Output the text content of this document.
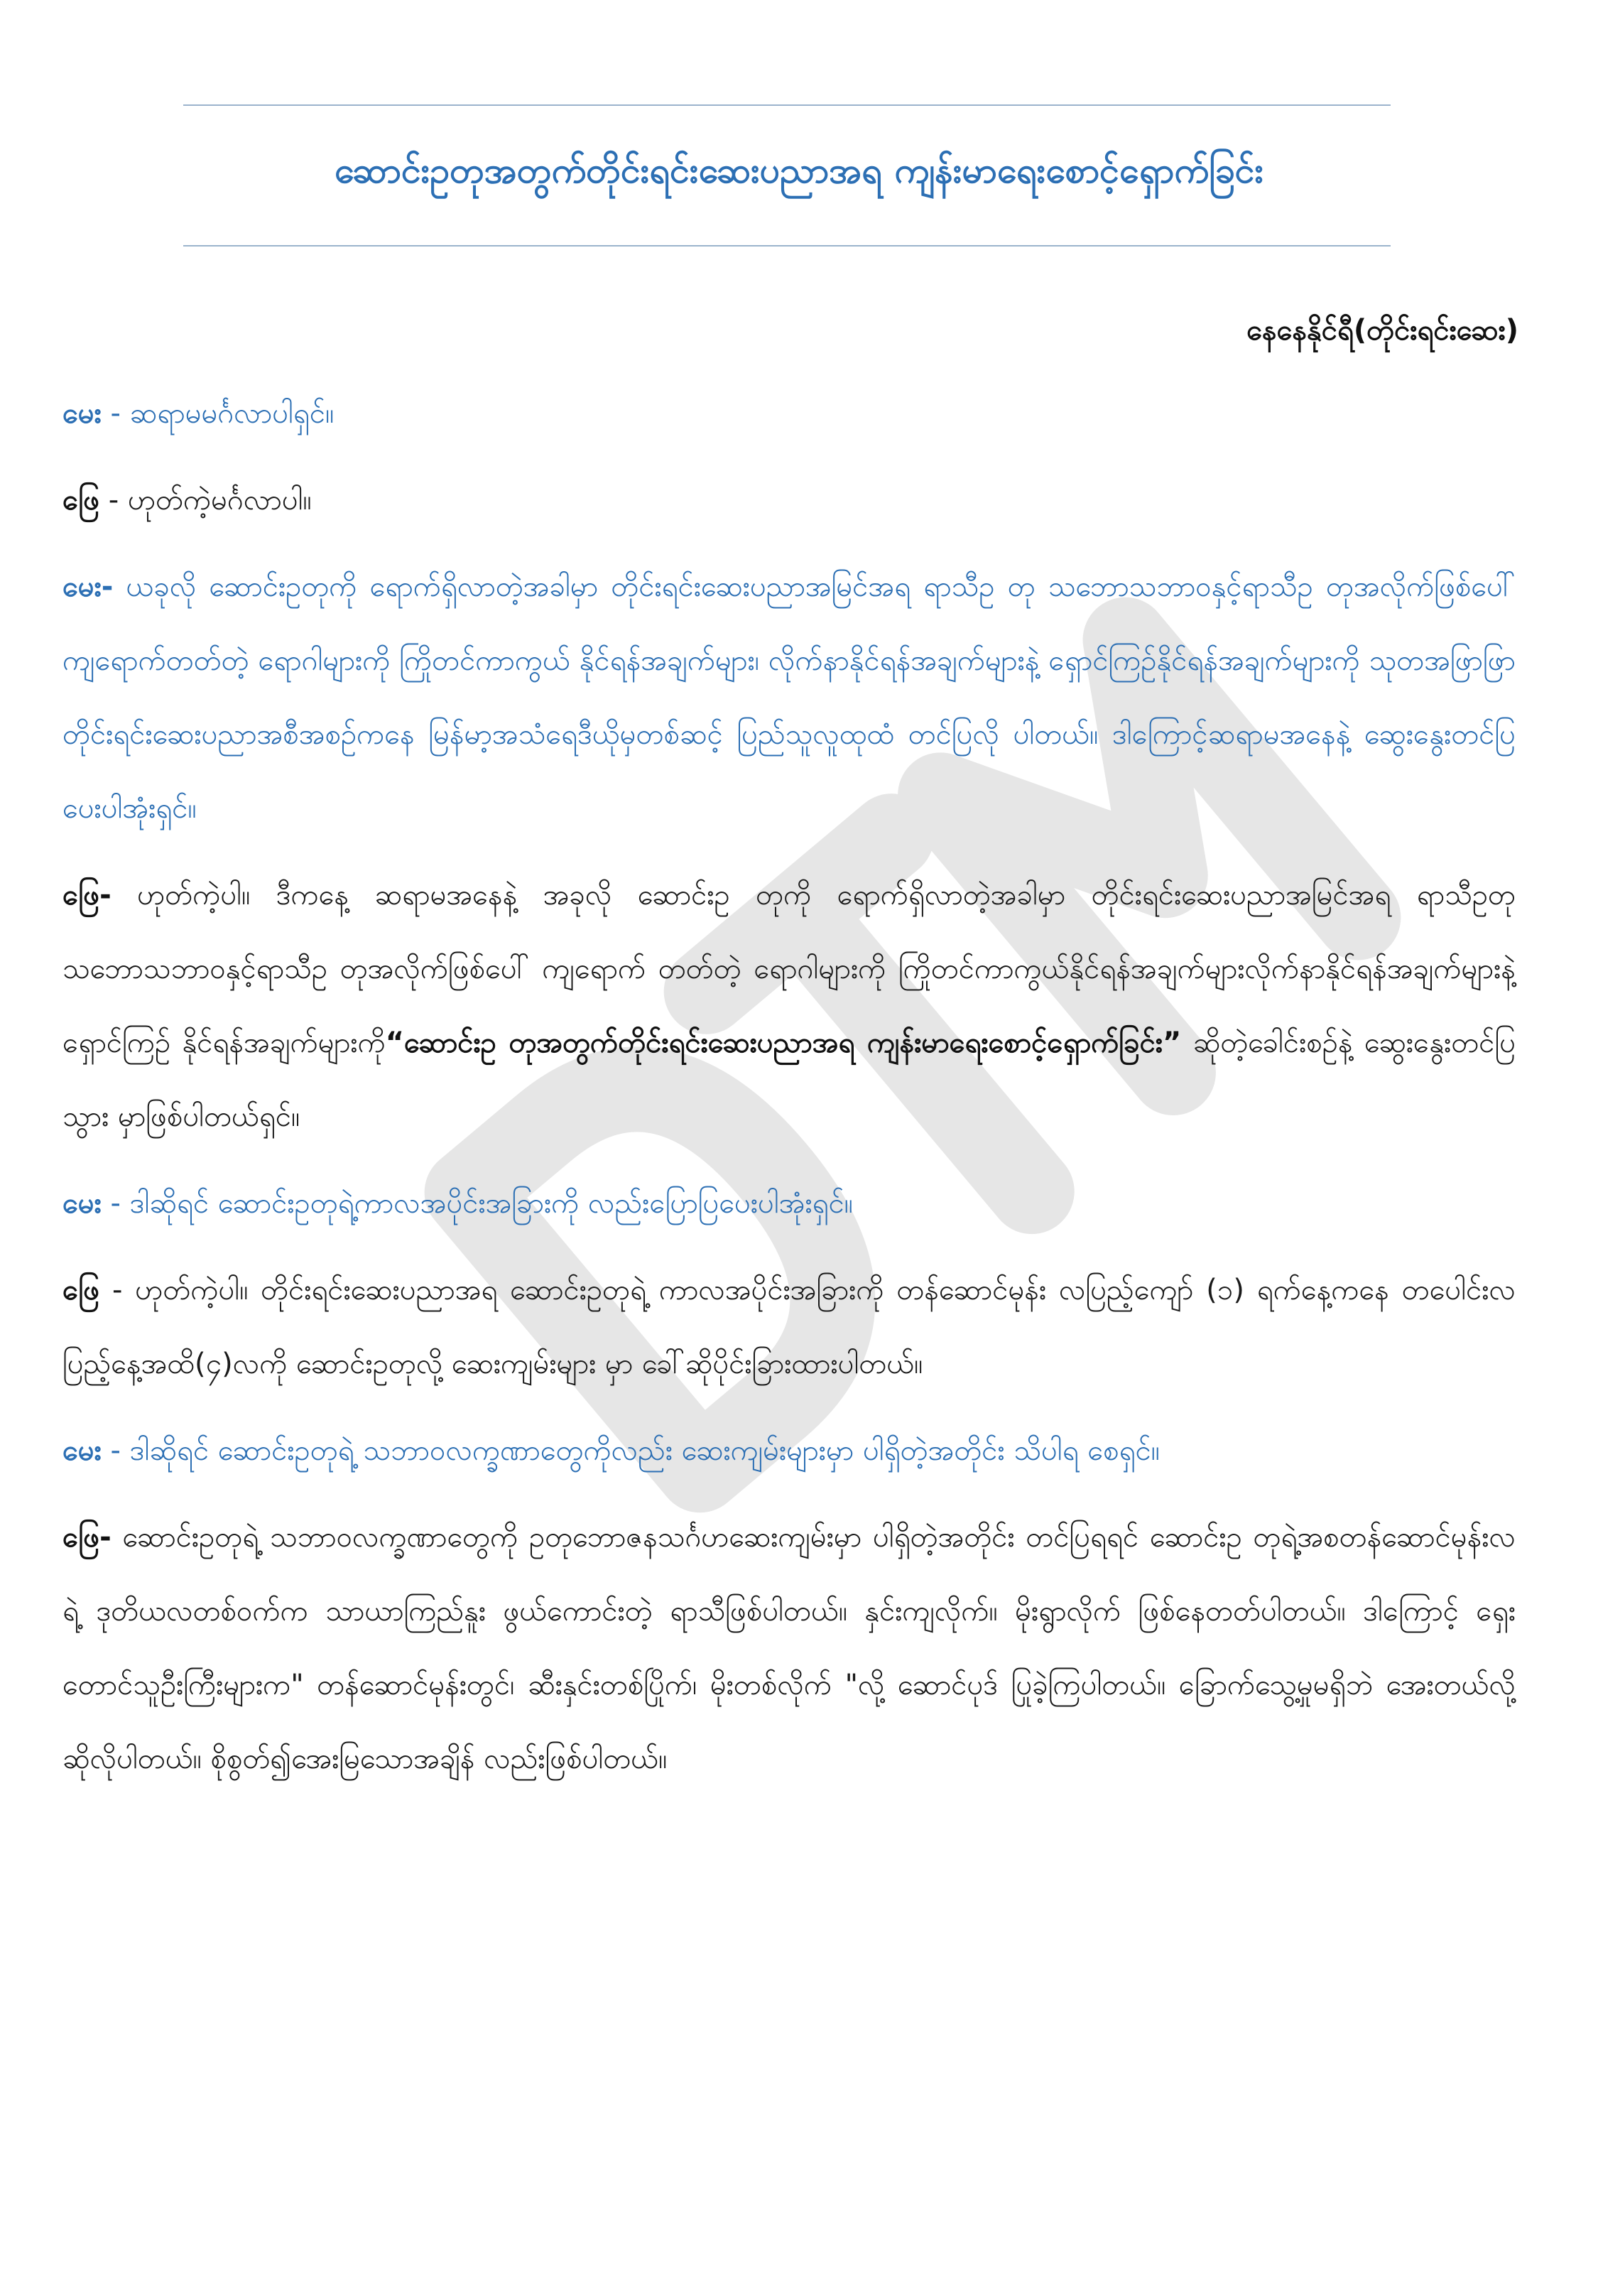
ဆောင်းဥတုအတွက်တိုင်းရင်းဆေးပညာအရ ကျန်းမာရေးစောင့်ရှောက်ခြင်း
နေနေနိုင်ရီ(တိုင်းရင်းဆေး)

မေး - ဆရာမမင်္ဂလာပါရှင်။

ဖြေ - ဟုတ်ကဲ့မင်္ဂလာပါ။

မေး- ယခုလို ဆောင်းဥတုကို ရောက်ရှိလာတဲ့အခါမှာ တိုင်းရင်းဆေးပညာအမြင်အရ ရာသီဥ တု သဘောသဘာဝနှင့်ရာသီဥ တုအလိုက်ဖြစ်ပေါ် ကျရောက်တတ်တဲ့ ရောဂါများကို ကြိုတင်ကာကွယ် နိုင်ရန်အချက်များ၊ လိုက်နာနိုင်ရန်အချက်များနဲ့ ရှောင်ကြဉ်နိုင်ရန်အချက်များကို သုတအဖြာဖြာ တိုင်းရင်းဆေးပညာအစီအစဉ်ကနေ မြန်မာ့အသံရေဒီယိုမှတစ်ဆင့် ပြည်သူလူထုထံ တင်ပြလို ပါတယ်။ ဒါကြောင့်ဆရာမအနေနဲ့ ဆွေးနွေးတင်ပြပေးပါအုံးရှင်။

ဖြေ- ဟုတ်ကဲ့ပါ။ ဒီကနေ့ ဆရာမအနေနဲ့ အခုလို ဆောင်းဥ တုကို ရောက်ရှိလာတဲ့အခါမှာ တိုင်းရင်းဆေးပညာအမြင်အရ ရာသီဥတု သဘောသဘာဝနှင့်ရာသီဥ တုအလိုက်ဖြစ်ပေါ် ကျရောက် တတ်တဲ့ ရောဂါများကို ကြိုတင်ကာကွယ်နိုင်ရန်အချက်များလိုက်နာနိုင်ရန်အချက်များနဲ့ ရှောင်ကြဉ် နိုင်ရန်အချက်များကို“ဆောင်းဥ တုအတွက်တိုင်းရင်းဆေးပညာအရ ကျန်းမာရေးစောင့်ရှောက်ခြင်း” ဆိုတဲ့ခေါင်းစဉ်နဲ့ ဆွေးနွေးတင်ပြသွား မှာဖြစ်ပါတယ်ရှင်။

မေး - ဒါဆိုရင် ဆောင်းဥတုရဲ့ကာလအပိုင်းအခြားကို လည်းပြောပြပေးပါအုံးရှင်။

ဖြေ - ဟုတ်ကဲ့ပါ။ တိုင်းရင်းဆေးပညာအရ ဆောင်းဥတုရဲ့ ကာလအပိုင်းအခြားကို တန်ဆောင်မုန်း လပြည့်ကျော် (၁) ရက်နေ့ကနေ တပေါင်းလပြည့်နေ့အထိ(၄)လကို ဆောင်းဥတုလို့ ဆေးကျမ်းများ မှာ ခေါ်ဆိုပိုင်းခြားထားပါတယ်။

မေး - ဒါဆိုရင် ဆောင်းဥတုရဲ့ သဘာဝလက္ခဏာတွေကိုလည်း ဆေးကျမ်းများမှာ ပါရှိတဲ့အတိုင်း သိပါရ စေရှင်။

ဖြေ- ဆောင်းဥတုရဲ့ သဘာဝလက္ခဏာတွေကို ဥတုဘောဇနသင်္ဂဟဆေးကျမ်းမှာ ပါရှိတဲ့အတိုင်း တင်ပြရရင် ဆောင်းဥ တုရဲ့အစတန်ဆောင်မုန်းလရဲ့ ဒုတိယလတစ်ဝက်က သာယာကြည်နူး ဖွယ်ကောင်းတဲ့ ရာသီဖြစ်ပါတယ်။ နှင်းကျလိုက်။ မိုးရွာလိုက် ဖြစ်နေတတ်ပါတယ်။ ဒါကြောင့် ရှေးတောင်သူဦးကြီးများက" တန်ဆောင်မုန်းတွင်၊ ဆီးနှင်းတစ်ပြိုက်၊ မိုးတစ်လိုက် "လို့ ဆောင်ပုဒ် ပြုခဲ့ကြပါတယ်။ ခြောက်သွေ့မှုမရှိဘဲ အေးတယ်လို့ ဆိုလိုပါတယ်။ စိုစွတ်၍အေးမြသောအချိန် လည်းဖြစ်ပါတယ်။
